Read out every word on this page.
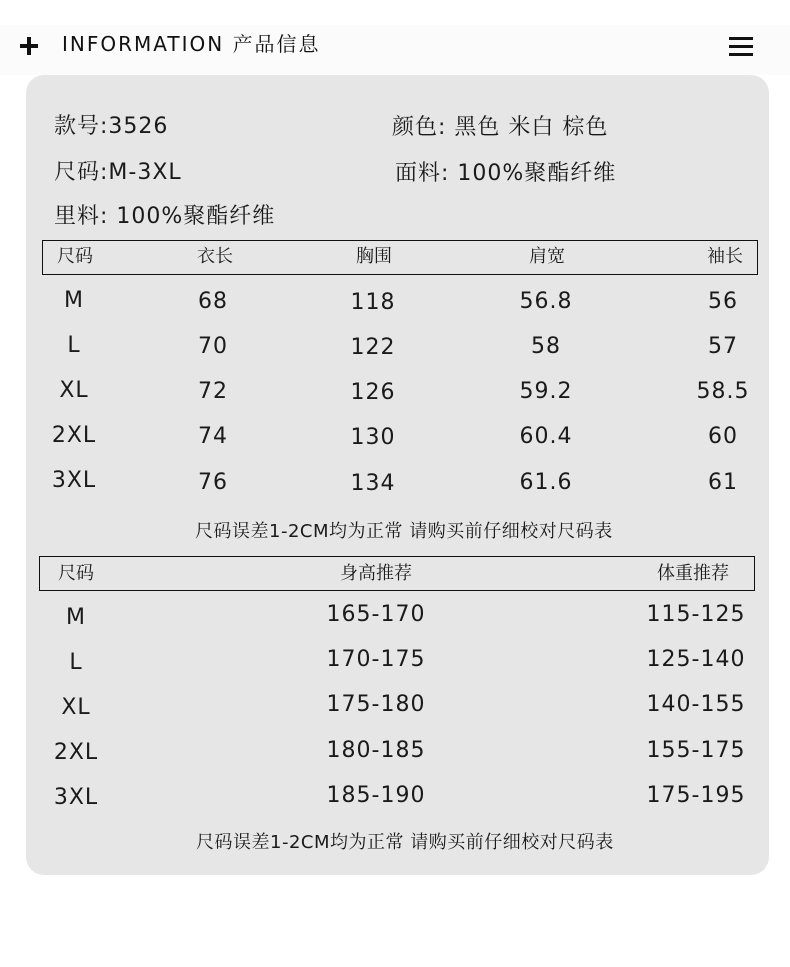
INFORMATION 产品信息
款号:3526	颜色: 黑色 米白 棕色
尺码:M-3XL	面料: 100%聚酯纤维
里料: 100%聚酯纤维
尺码	衣长	胸围	肩宽	袖长
M	68	118	56.8	56
L	70	122	58	57
XL	72	126	59.2	58.5
2XL	74	130	60.4	60
3XL	76	134	61.6	61
尺码误差1-2CM均为正常 请购买前仔细校对尺码表
尺码	身高推荐	体重推荐
M	165-170	115-125
L	170-175	125-140
XL	175-180	140-155
2XL	180-185	155-175
3XL	185-190	175-195
尺码误差1-2CM均为正常 请购买前仔细校对尺码表
